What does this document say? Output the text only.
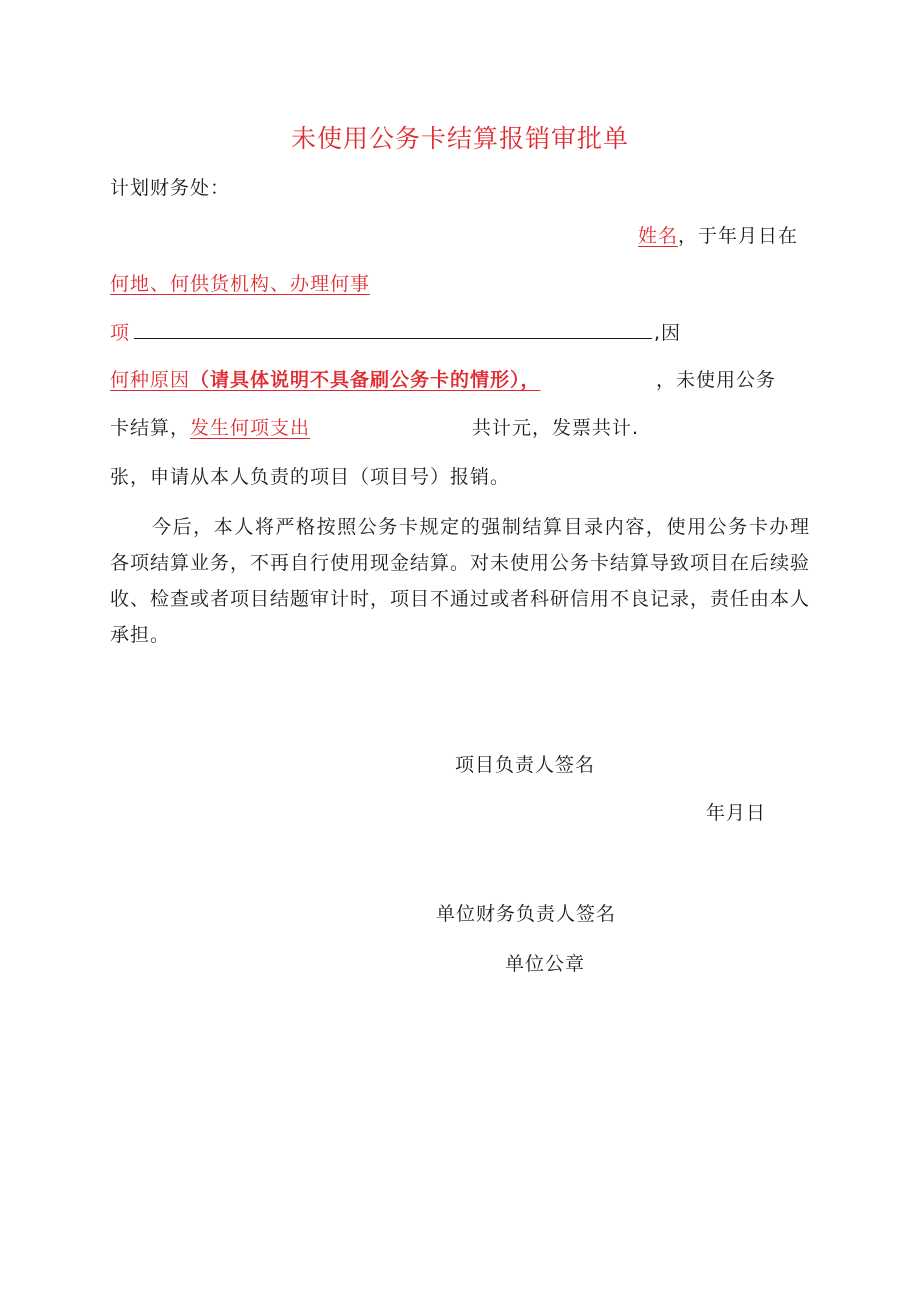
未使用公务卡结算报销审批单
计划财务处：
姓名，于年月日在
何地、何供货机构、办理何事
项	,因
何种原因（请具体说明不具备刷公务卡的情形），	，未使用公务
卡结算，发生何项支出	共计元，发票共计.
张，申请从本人负责的项目（项目号）报销。
今后，本人将严格按照公务卡规定的强制结算目录内容，使用公务卡办理各项结算业务，不再自行使用现金结算。对未使用公务卡结算导致项目在后续验收、检查或者项目结题审计时，项目不通过或者科研信用不良记录，责任由本人承担。
项目负责人签名
年月日
单位财务负责人签名
单位公章
